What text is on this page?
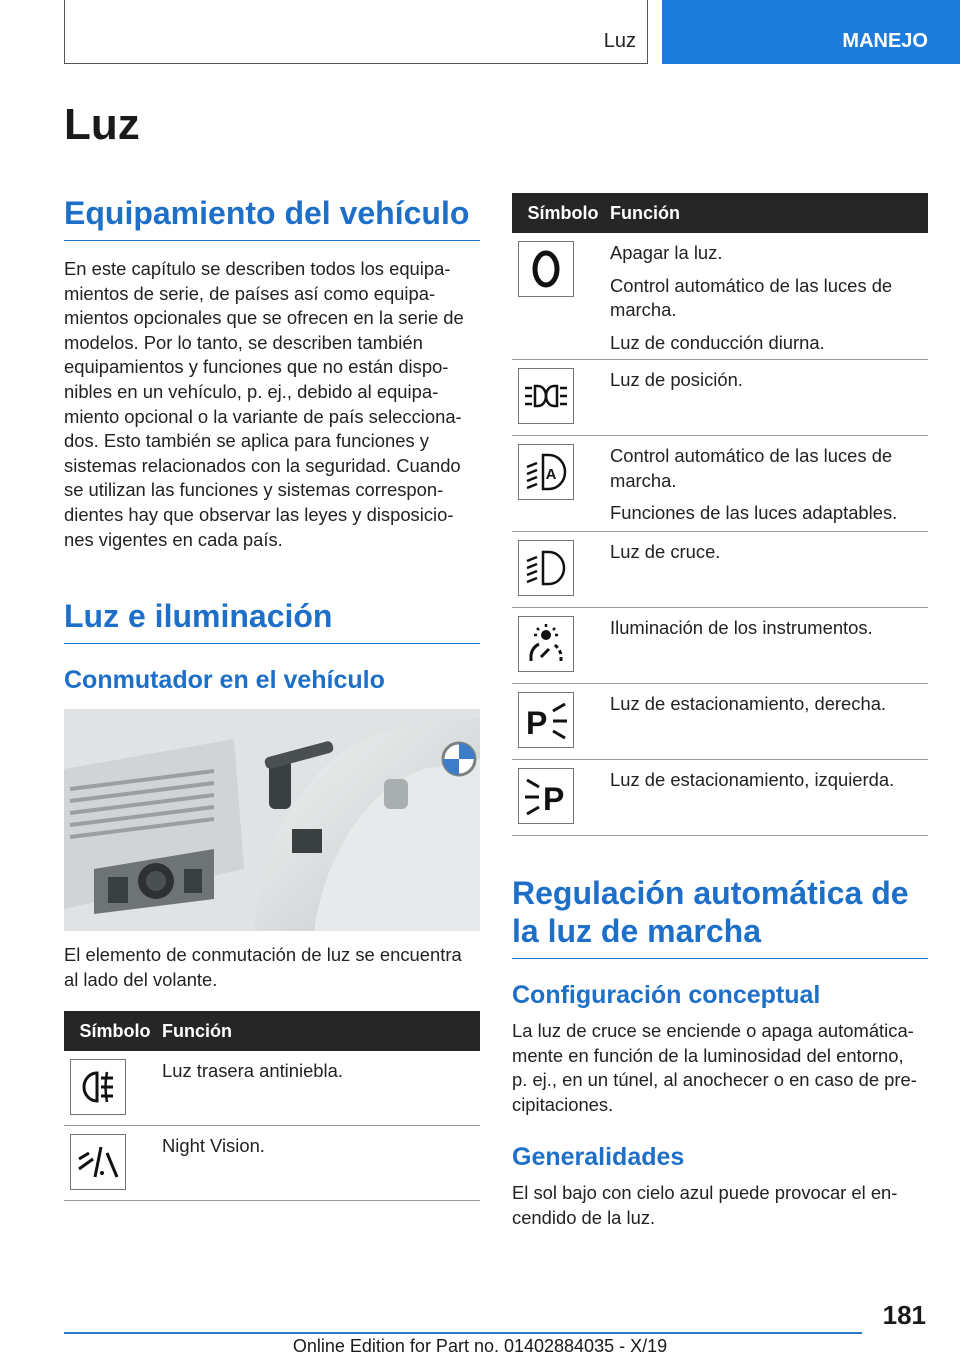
Luz	MANEJO
Luz
Equipamiento del vehículo
En este capítulo se describen todos los equipa-
mientos de serie, de países así como equipa-
mientos opcionales que se ofrecen en la serie de
modelos. Por lo tanto, se describen también
equipamientos y funciones que no están dispo-
nibles en un vehículo, p. ej., debido al equipa-
miento opcional o la variante de país selecciona-
dos. Esto también se aplica para funciones y
sistemas relacionados con la seguridad. Cuando
se utilizan las funciones y sistemas correspon-
dientes hay que observar las leyes y disposicio-
nes vigentes en cada país.
Luz e iluminación
Conmutador en el vehículo
El elemento de conmutación de luz se encuentra
al lado del volante.
Símbolo Función

Luz trasera antiniebla.

Night Vision.

Símbolo Función

Apagar la luz.

Control automático de las luces de marcha.

Luz de conducción diurna.

Luz de posición.

A

Control automático de las luces de marcha.

Funciones de las luces adaptables.

Luz de cruce.

Iluminación de los instrumentos.

P

Luz de estacionamiento, derecha.

P

Luz de estacionamiento, izquierda.

Regulación automática de
la luz de marcha
Configuración conceptual
La luz de cruce se enciende o apaga automática-
mente en función de la luminosidad del entorno,
p. ej., en un túnel, al anochecer o en caso de pre-
cipitaciones.
Generalidades
El sol bajo con cielo azul puede provocar el en-
cendido de la luz.
181
Online Edition for Part no. 01402884035 - X/19
